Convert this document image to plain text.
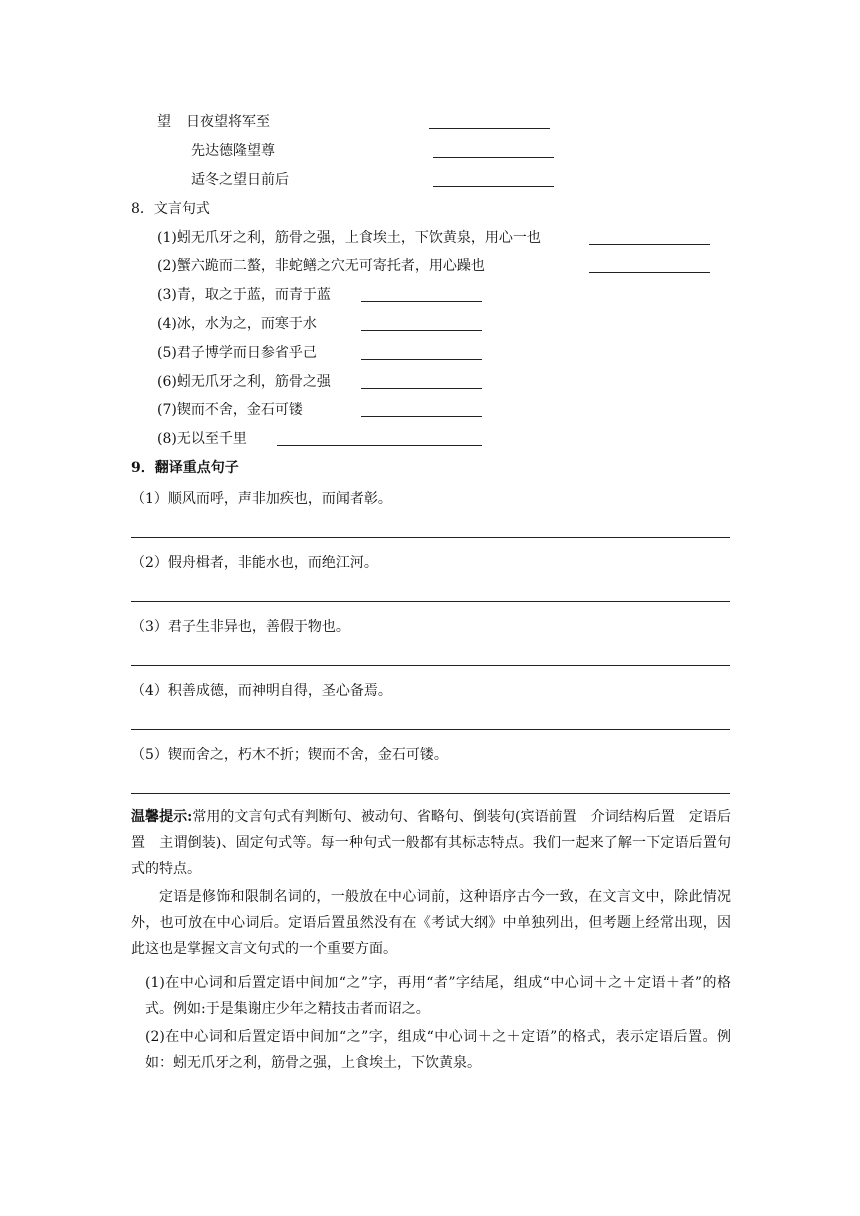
望 日夜望将军至
先达德隆望尊
适冬之望日前后
8．文言句式
(1)蚓无爪牙之利，筋骨之强，上食埃土，下饮黄泉，用心一也
(2)蟹六跪而二螯，非蛇鳝之穴无可寄托者，用心躁也
(3)青，取之于蓝，而青于蓝
(4)冰，水为之，而寒于水
(5)君子博学而日参省乎己
(6)蚓无爪牙之利，筋骨之强
(7)锲而不舍，金石可镂
(8)无以至千里
9．翻译重点句子
（1）顺风而呼，声非加疾也，而闻者彰。
（2）假舟楫者，非能水也，而绝江河。
（3）君子生非异也，善假于物也。
（4）积善成德，而神明自得，圣心备焉。
（5）锲而舍之，朽木不折；锲而不舍，金石可镂。
温馨提示:常用的文言句式有判断句、被动句、省略句、倒装句(宾语前置　介词结构后置　定语后置　主谓倒装)、固定句式等。每一种句式一般都有其标志特点。我们一起来了解一下定语后置句式的特点。
定语是修饰和限制名词的，一般放在中心词前，这种语序古今一致，在文言文中，除此情况外，也可放在中心词后。定语后置虽然没有在《考试大纲》中单独列出，但考题上经常出现，因此这也是掌握文言文句式的一个重要方面。
(1)在中心词和后置定语中间加“之”字，再用“者”字结尾，组成“中心词＋之＋定语＋者”的格式。例如:于是集谢庄少年之精技击者而诏之。
(2)在中心词和后置定语中间加“之”字，组成“中心词＋之＋定语”的格式，表示定语后置。例如：蚓无爪牙之利，筋骨之强，上食埃土，下饮黄泉。
